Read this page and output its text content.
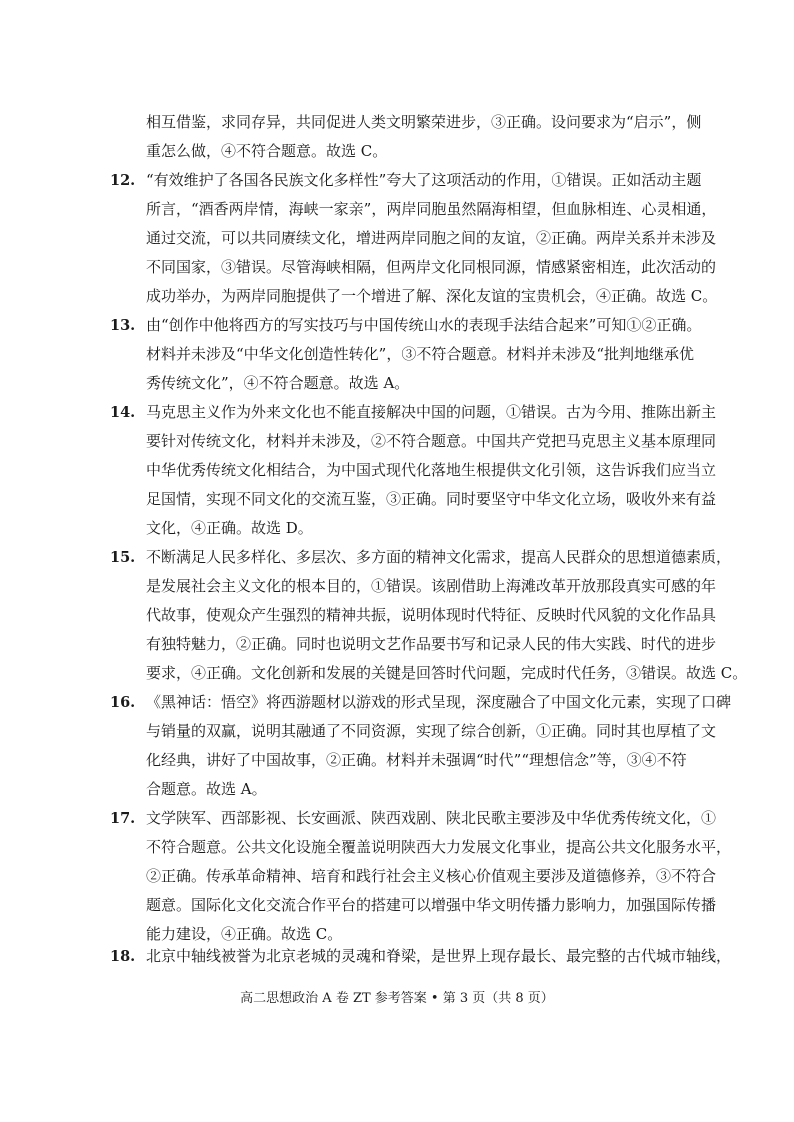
相互借鉴，求同存异，共同促进人类文明繁荣进步，③正确。设问要求为“启示”，侧
重怎么做，④不符合题意。故选 C。
12. “有效维护了各国各民族文化多样性”夸大了这项活动的作用，①错误。正如活动主题
所言，“酒香两岸情，海峡一家亲”，两岸同胞虽然隔海相望，但血脉相连、心灵相通，
通过交流，可以共同赓续文化，增进两岸同胞之间的友谊，②正确。两岸关系并未涉及
不同国家，③错误。尽管海峡相隔，但两岸文化同根同源，情感紧密相连，此次活动的
成功举办，为两岸同胞提供了一个增进了解、深化友谊的宝贵机会，④正确。故选 C。
13. 由“创作中他将西方的写实技巧与中国传统山水的表现手法结合起来”可知①②正确。
材料并未涉及“中华文化创造性转化”，③不符合题意。材料并未涉及“批判地继承优
秀传统文化”，④不符合题意。故选 A。
14. 马克思主义作为外来文化也不能直接解决中国的问题，①错误。古为今用、推陈出新主
要针对传统文化，材料并未涉及，②不符合题意。中国共产党把马克思主义基本原理同
中华优秀传统文化相结合，为中国式现代化落地生根提供文化引领，这告诉我们应当立
足国情，实现不同文化的交流互鉴，③正确。同时要坚守中华文化立场，吸收外来有益
文化，④正确。故选 D。
15. 不断满足人民多样化、多层次、多方面的精神文化需求，提高人民群众的思想道德素质，
是发展社会主义文化的根本目的，①错误。该剧借助上海滩改革开放那段真实可感的年
代故事，使观众产生强烈的精神共振，说明体现时代特征、反映时代风貌的文化作品具
有独特魅力，②正确。同时也说明文艺作品要书写和记录人民的伟大实践、时代的进步
要求，④正确。文化创新和发展的关键是回答时代问题，完成时代任务，③错误。故选 C。
16. 《黑神话：悟空》将西游题材以游戏的形式呈现，深度融合了中国文化元素，实现了口碑
与销量的双赢，说明其融通了不同资源，实现了综合创新，①正确。同时其也厚植了文
化经典，讲好了中国故事，②正确。材料并未强调“时代”“理想信念”等，③④不符
合题意。故选 A。
17. 文学陕军、西部影视、长安画派、陕西戏剧、陕北民歌主要涉及中华优秀传统文化，①
不符合题意。公共文化设施全覆盖说明陕西大力发展文化事业，提高公共文化服务水平，
②正确。传承革命精神、培育和践行社会主义核心价值观主要涉及道德修养，③不符合
题意。国际化文化交流合作平台的搭建可以增强中华文明传播力影响力，加强国际传播
能力建设，④正确。故选 C。
18. 北京中轴线被誉为北京老城的灵魂和脊梁，是世界上现存最长、最完整的古代城市轴线，
高二思想政治 A 卷 ZT 参考答案 • 第 3 页（共 8 页）
